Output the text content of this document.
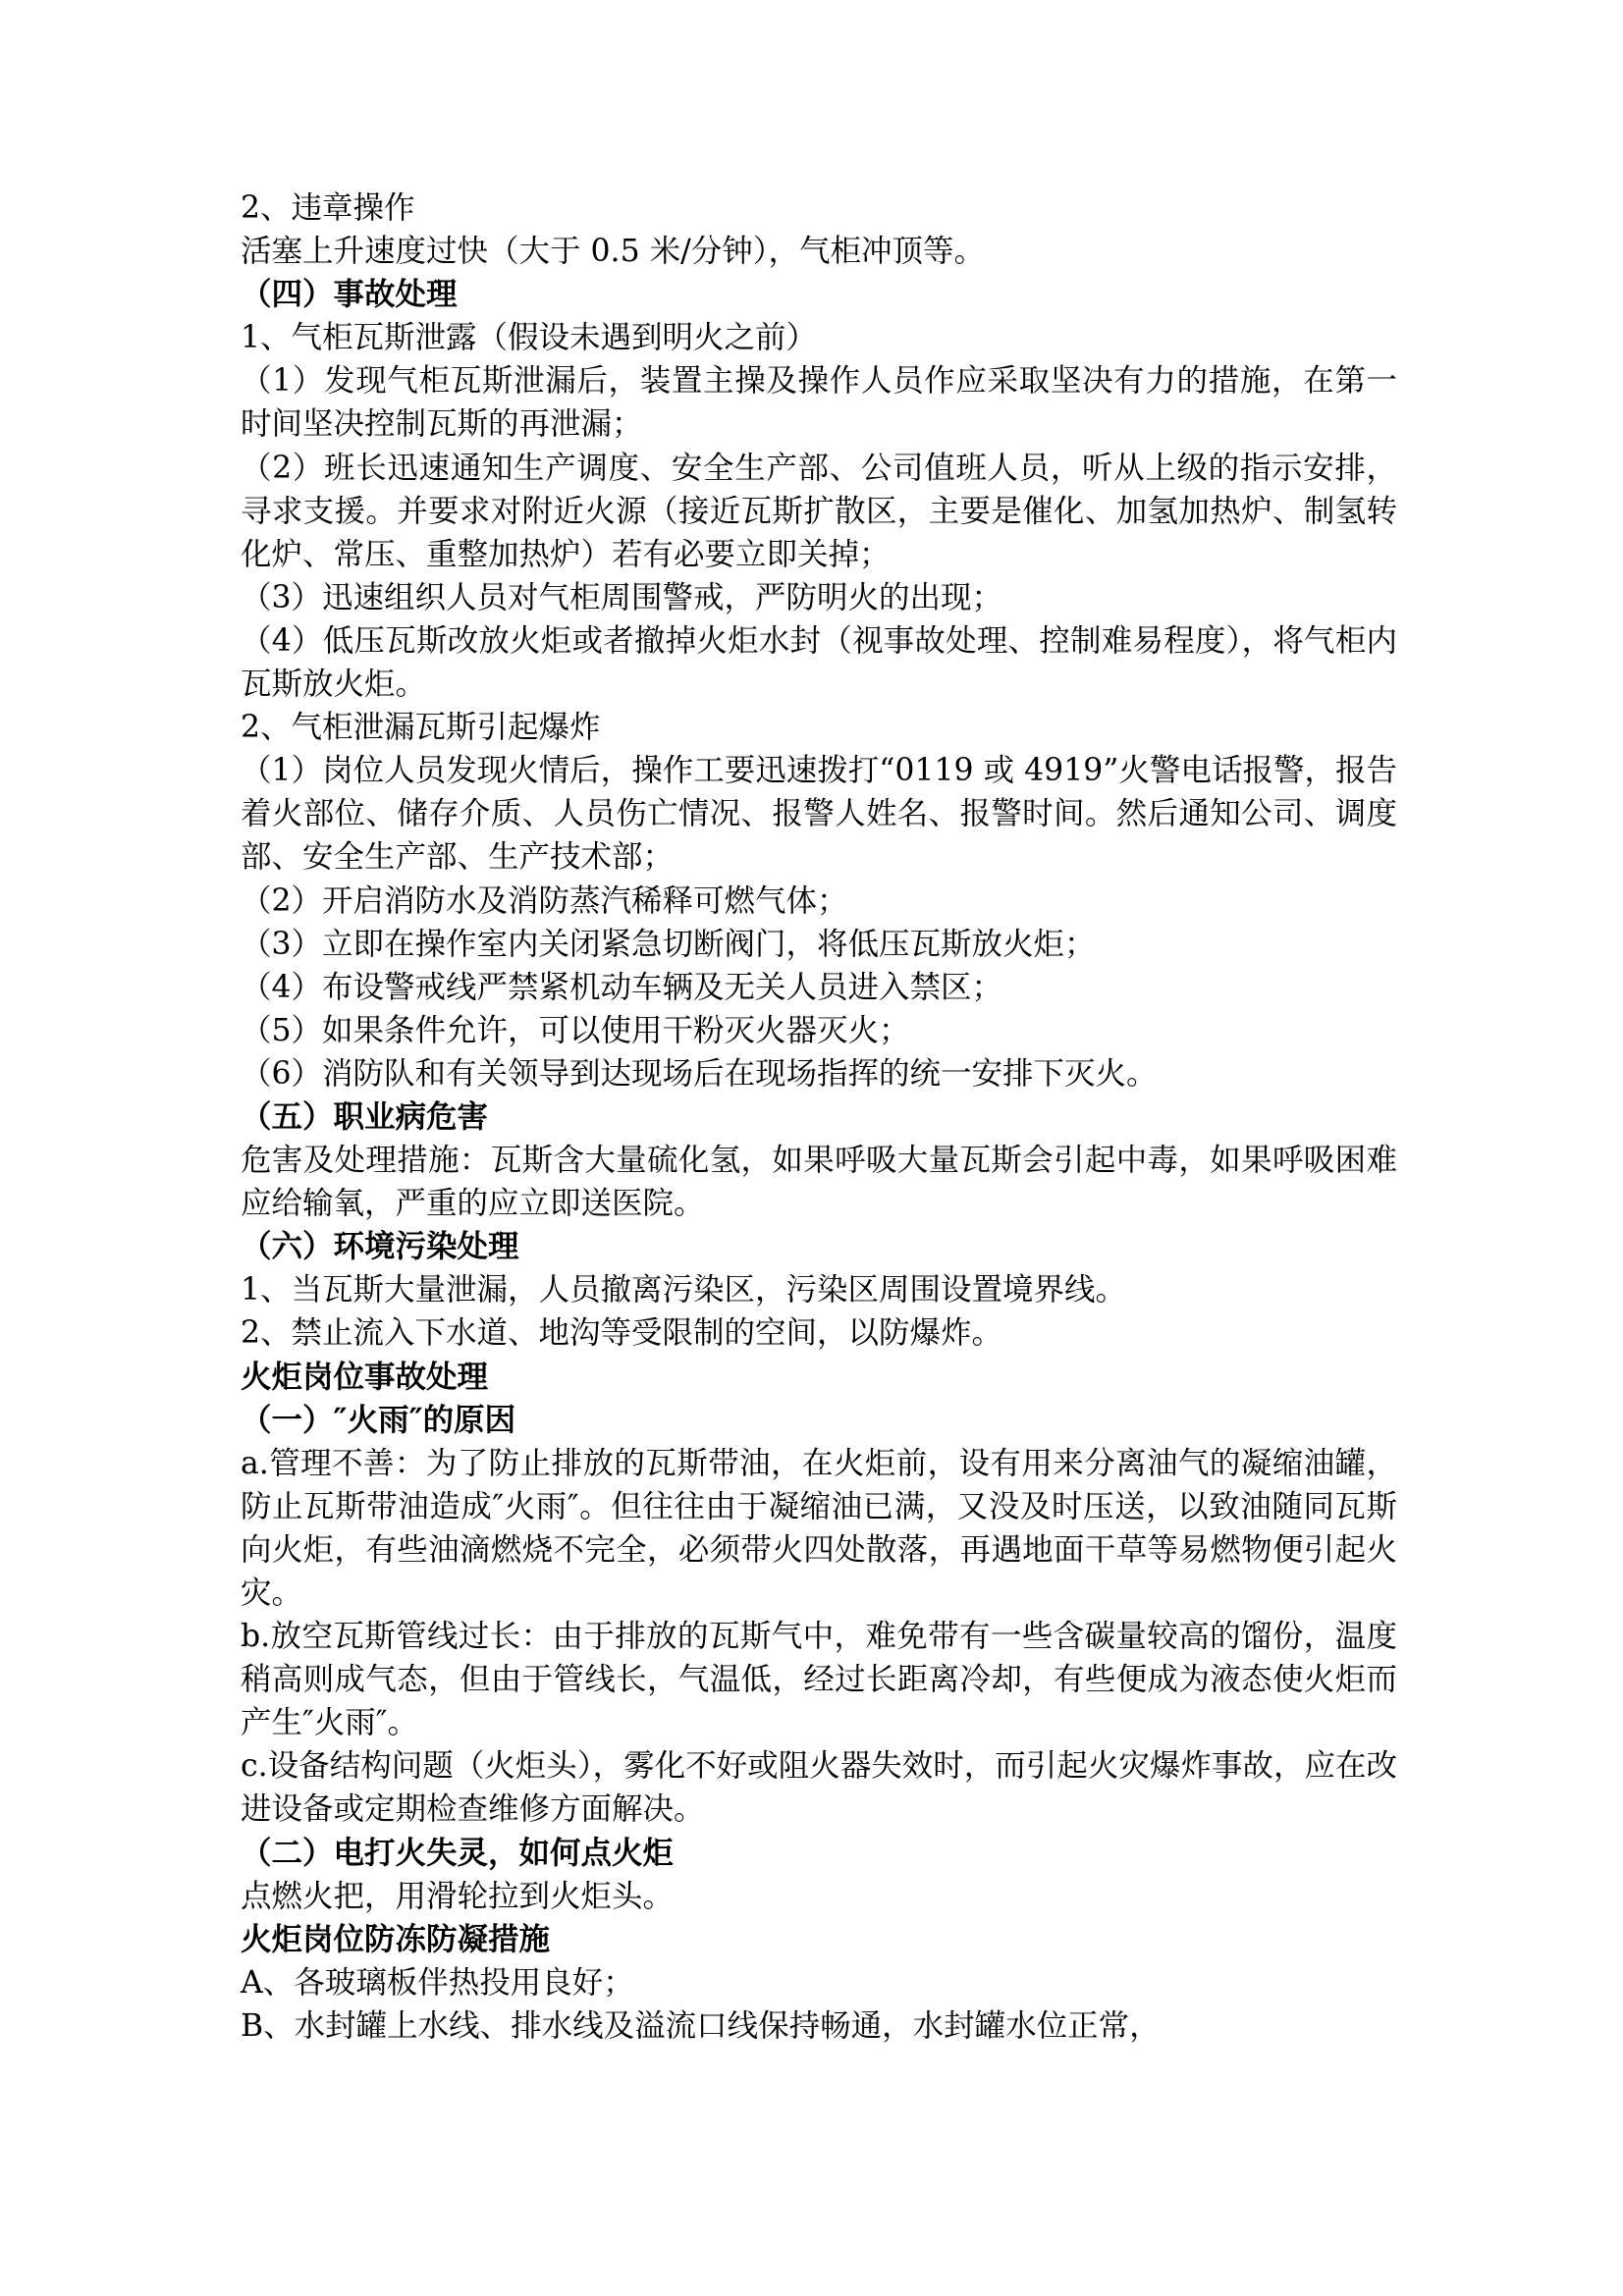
2、违章操作

活塞上升速度过快（大于 0.5 米/分钟），气柜冲顶等。

（四）事故处理

1、气柜瓦斯泄露（假设未遇到明火之前）

（1）发现气柜瓦斯泄漏后，装置主操及操作人员作应采取坚决有力的措施，在第一时间坚决控制瓦斯的再泄漏；

（2）班长迅速通知生产调度、安全生产部、公司值班人员，听从上级的指示安排，寻求支援。并要求对附近火源（接近瓦斯扩散区，主要是催化、加氢加热炉、制氢转化炉、常压、重整加热炉）若有必要立即关掉；

（3）迅速组织人员对气柜周围警戒，严防明火的出现；

（4）低压瓦斯改放火炬或者撤掉火炬水封（视事故处理、控制难易程度），将气柜内瓦斯放火炬。

2、气柜泄漏瓦斯引起爆炸

（1）岗位人员发现火情后，操作工要迅速拨打“0119 或 4919”火警电话报警，报告着火部位、储存介质、人员伤亡情况、报警人姓名、报警时间。然后通知公司、调度部、安全生产部、生产技术部；

（2）开启消防水及消防蒸汽稀释可燃气体；

（3）立即在操作室内关闭紧急切断阀门，将低压瓦斯放火炬；

（4）布设警戒线严禁紧机动车辆及无关人员进入禁区；

（5）如果条件允许，可以使用干粉灭火器灭火；

（6）消防队和有关领导到达现场后在现场指挥的统一安排下灭火。

（五）职业病危害

危害及处理措施：瓦斯含大量硫化氢，如果呼吸大量瓦斯会引起中毒，如果呼吸困难应给输氧，严重的应立即送医院。

（六）环境污染处理

1、当瓦斯大量泄漏，人员撤离污染区，污染区周围设置境界线。

2、禁止流入下水道、地沟等受限制的空间，以防爆炸。

火炬岗位事故处理

（一）″火雨″的原因

a.管理不善：为了防止排放的瓦斯带油，在火炬前，设有用来分离油气的凝缩油罐，防止瓦斯带油造成″火雨″。但往往由于凝缩油已满，又没及时压送，以致油随同瓦斯向火炬，有些油滴燃烧不完全，必须带火四处散落，再遇地面干草等易燃物便引起火灾。

b.放空瓦斯管线过长：由于排放的瓦斯气中，难免带有一些含碳量较高的馏份，温度稍高则成气态，但由于管线长，气温低，经过长距离冷却，有些便成为液态使火炬而产生″火雨″。

c.设备结构问题（火炬头），雾化不好或阻火器失效时，而引起火灾爆炸事故，应在改进设备或定期检查维修方面解决。

（二）电打火失灵，如何点火炬

点燃火把，用滑轮拉到火炬头。

火炬岗位防冻防凝措施

A、各玻璃板伴热投用良好；

B、水封罐上水线、排水线及溢流口线保持畅通，水封罐水位正常，
